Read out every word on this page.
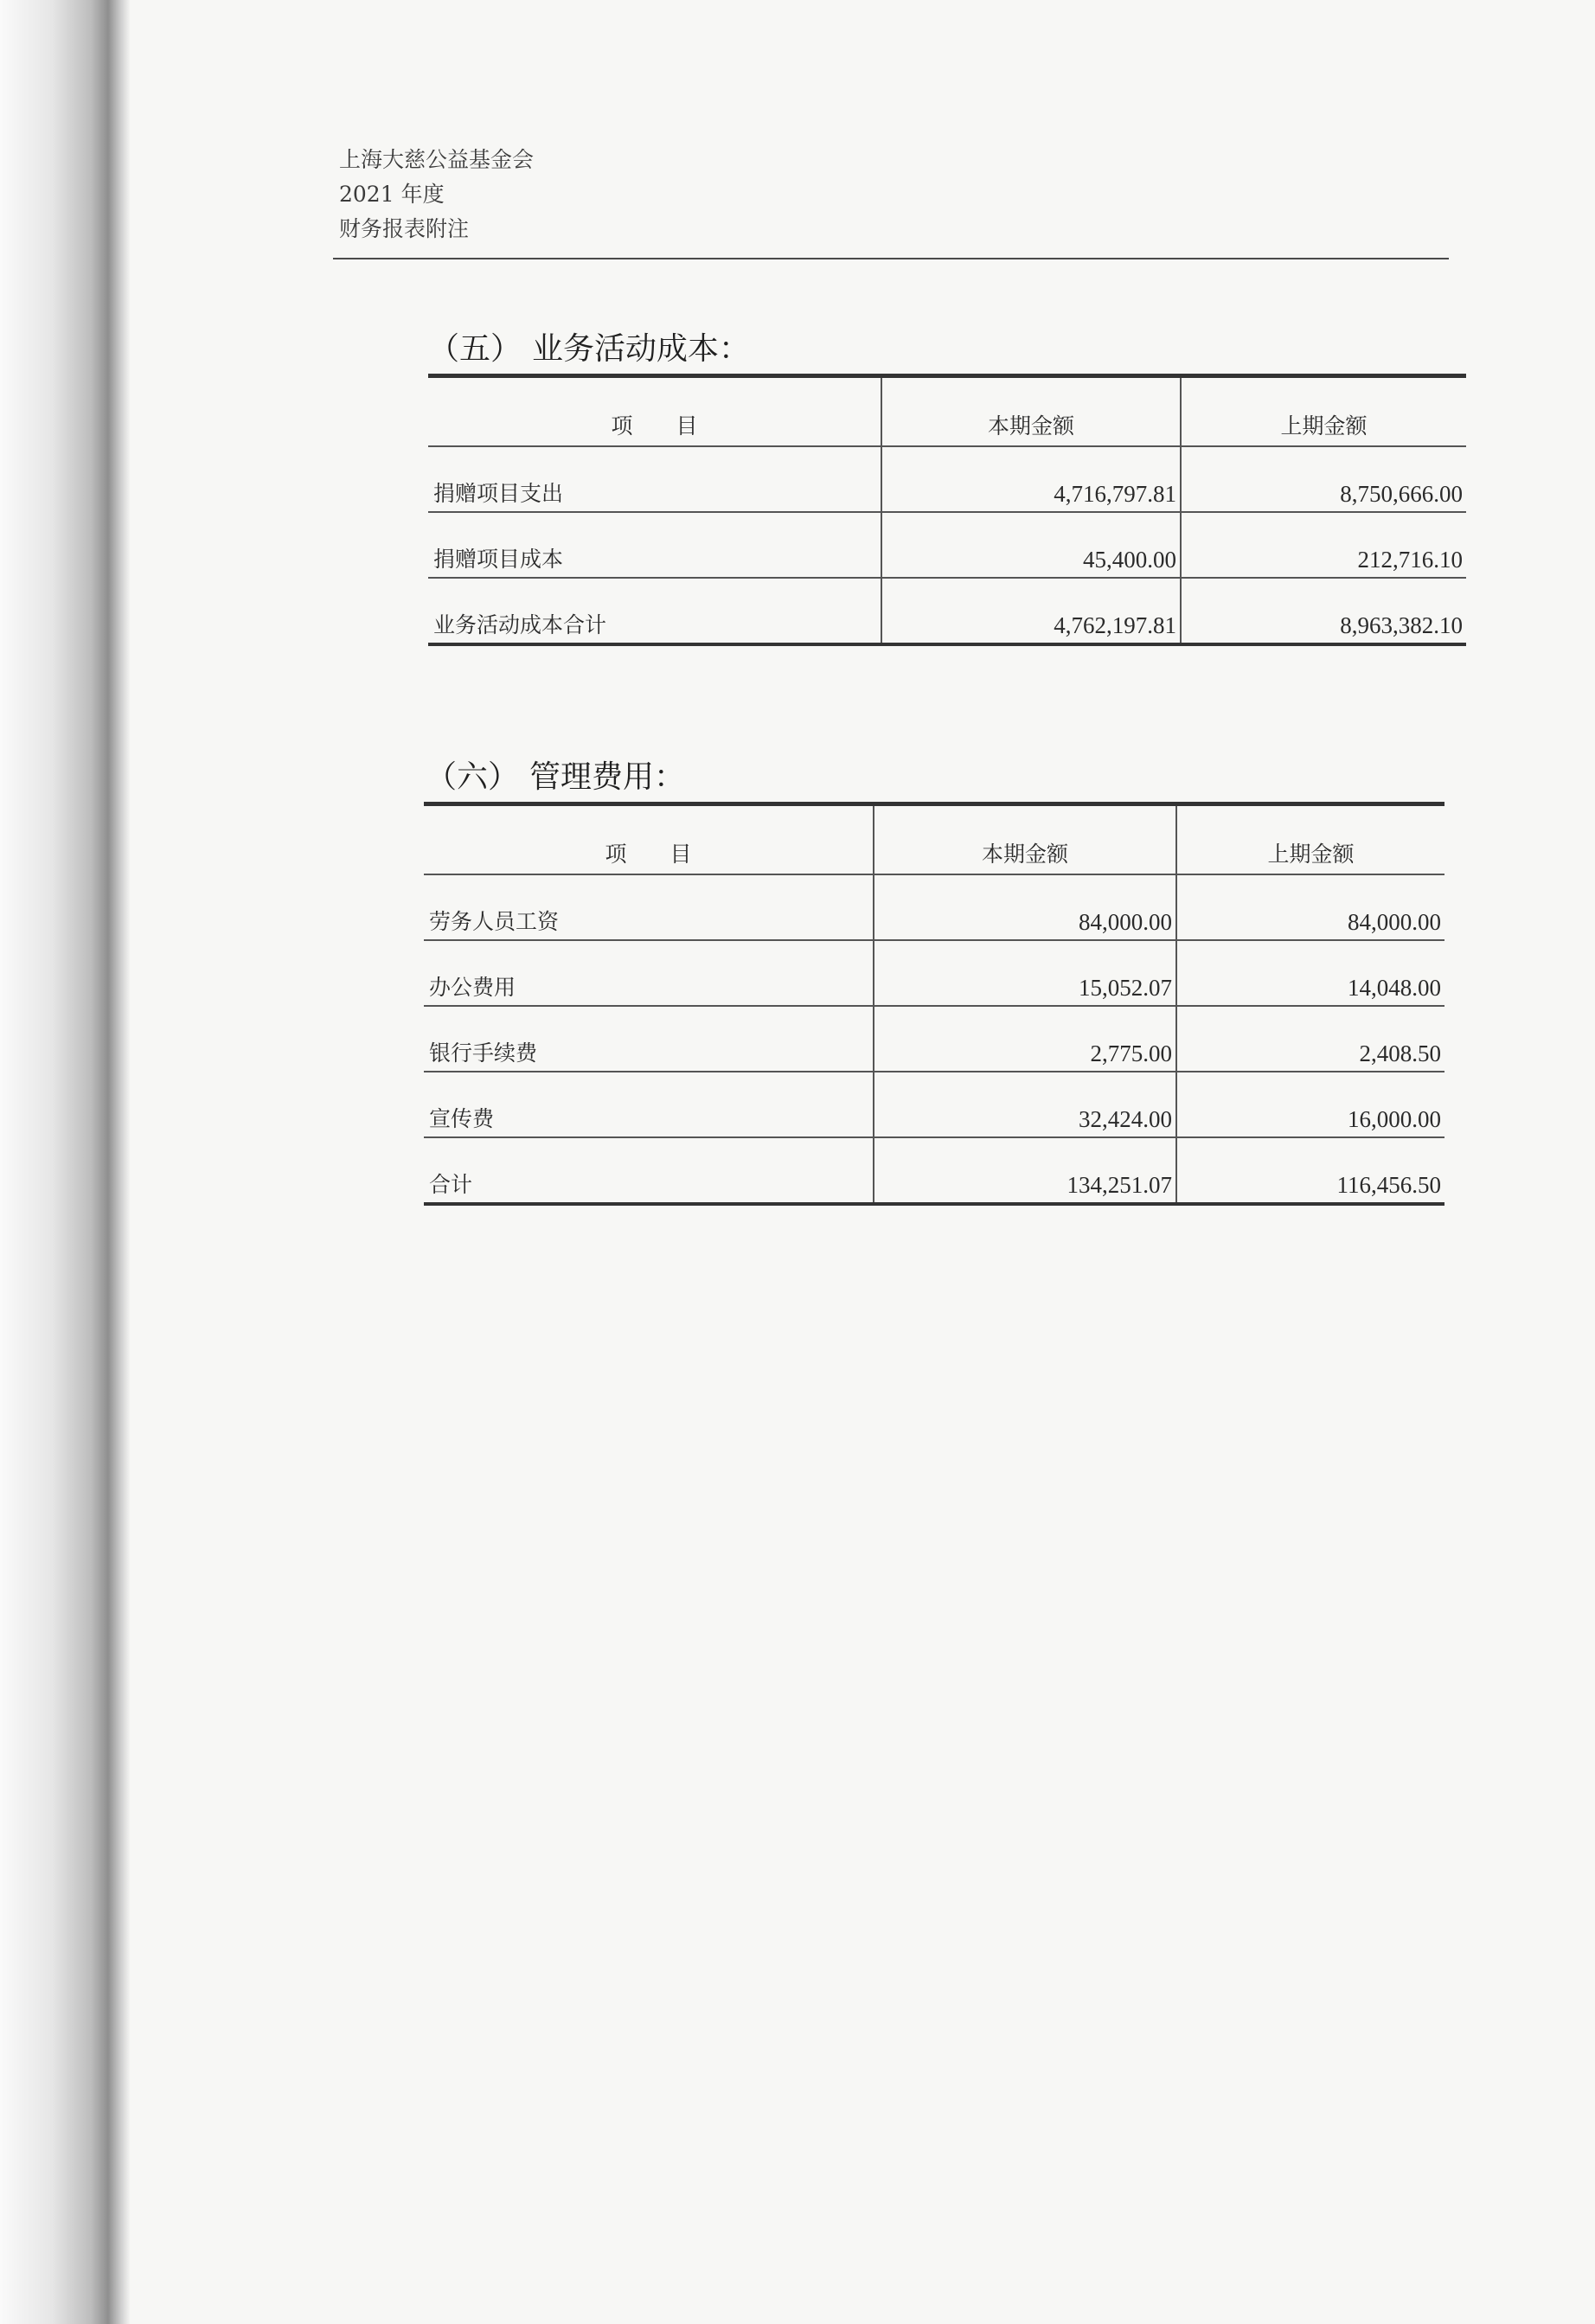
上海大慈公益基金会
2021 年度
财务报表附注
（五） 业务活动成本：
项　　目	本期金额	上期金额
捐赠项目支出	4,716,797.81	8,750,666.00
捐赠项目成本	45,400.00	212,716.10
业务活动成本合计	4,762,197.81	8,963,382.10
（六） 管理费用：
项　　目	本期金额	上期金额
劳务人员工资	84,000.00	84,000.00
办公费用	15,052.07	14,048.00
银行手续费	2,775.00	2,408.50
宣传费	32,424.00	16,000.00
合计	134,251.07	116,456.50
